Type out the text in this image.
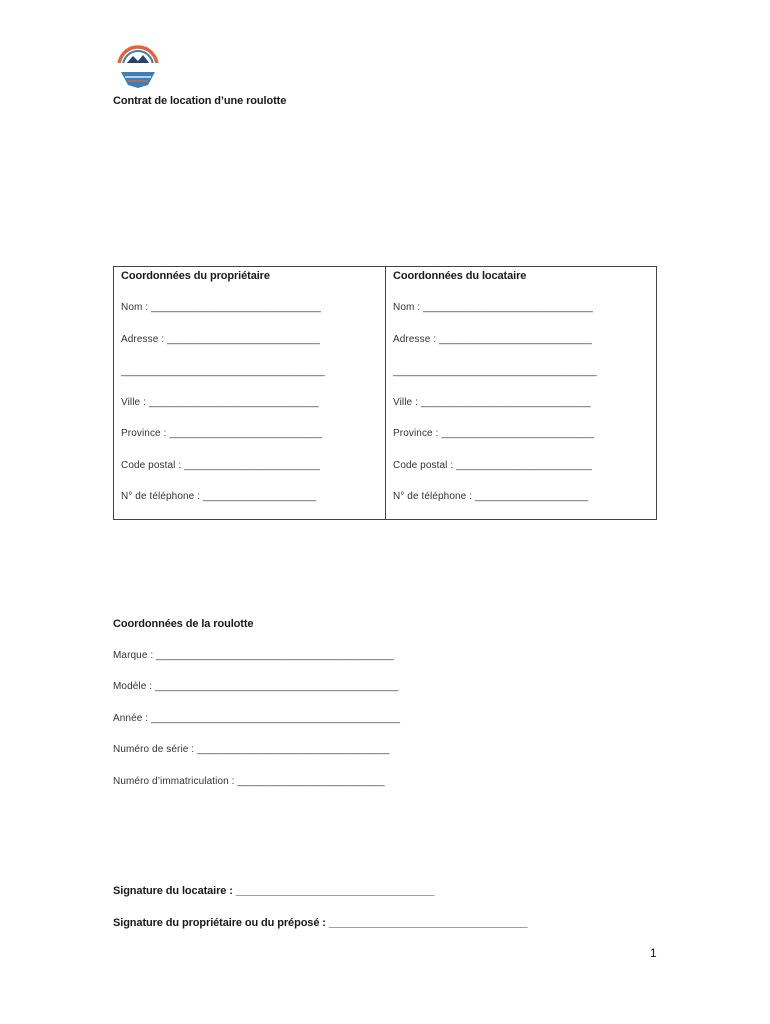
Contrat de location d’une roulotte
Coordonnées du propriétaire
Nom : ______________________________
Adresse : ___________________________
____________________________________
Ville : ______________________________
Province : ___________________________
Code postal : ________________________
N° de téléphone : ____________________
Coordonnées du locataire
Nom : ______________________________
Adresse : ___________________________
____________________________________
Ville : ______________________________
Province : ___________________________
Code postal : ________________________
N° de téléphone : ____________________
Coordonnées de la roulotte
Marque : __________________________________________
Modèle : ___________________________________________
Année : ____________________________________________
Numéro de série : __________________________________
Numéro d’immatriculation : __________________________
Signature du locataire : _________________________________
Signature du propriétaire ou du préposé : _________________________________
1
